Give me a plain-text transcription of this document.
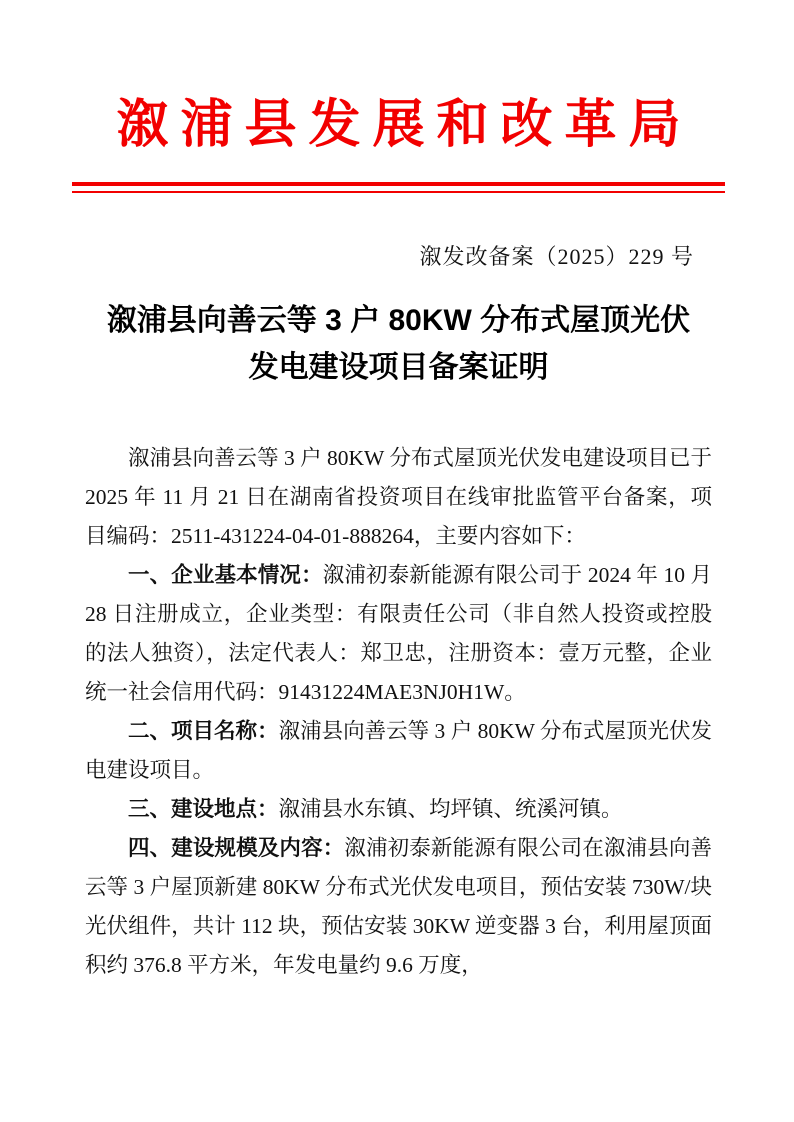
溆浦县发展和改革局
溆发改备案（2025）229 号
溆浦县向善云等 3 户 80KW 分布式屋顶光伏
发电建设项目备案证明

溆浦县向善云等 3 户 80KW 分布式屋顶光伏发电建设项目已于 2025 年 11 月 21 日在湖南省投资项目在线审批监管平台备案，项目编码：2511-431224-04-01-888264，主要内容如下：

一、企业基本情况：溆浦初泰新能源有限公司于 2024 年 10 月 28 日注册成立，企业类型：有限责任公司（非自然人投资或控股的法人独资），法定代表人：郑卫忠，注册资本：壹万元整，企业统一社会信用代码：91431224MAE3NJ0H1W。

二、项目名称：溆浦县向善云等 3 户 80KW 分布式屋顶光伏发电建设项目。

三、建设地点：溆浦县水东镇、均坪镇、统溪河镇。

四、建设规模及内容：溆浦初泰新能源有限公司在溆浦县向善云等 3 户屋顶新建 80KW 分布式光伏发电项目，预估安装 730W/块光伏组件，共计 112 块，预估安装 30KW 逆变器 3 台，利用屋顶面积约 376.8 平方米，年发电量约 9.6 万度，
